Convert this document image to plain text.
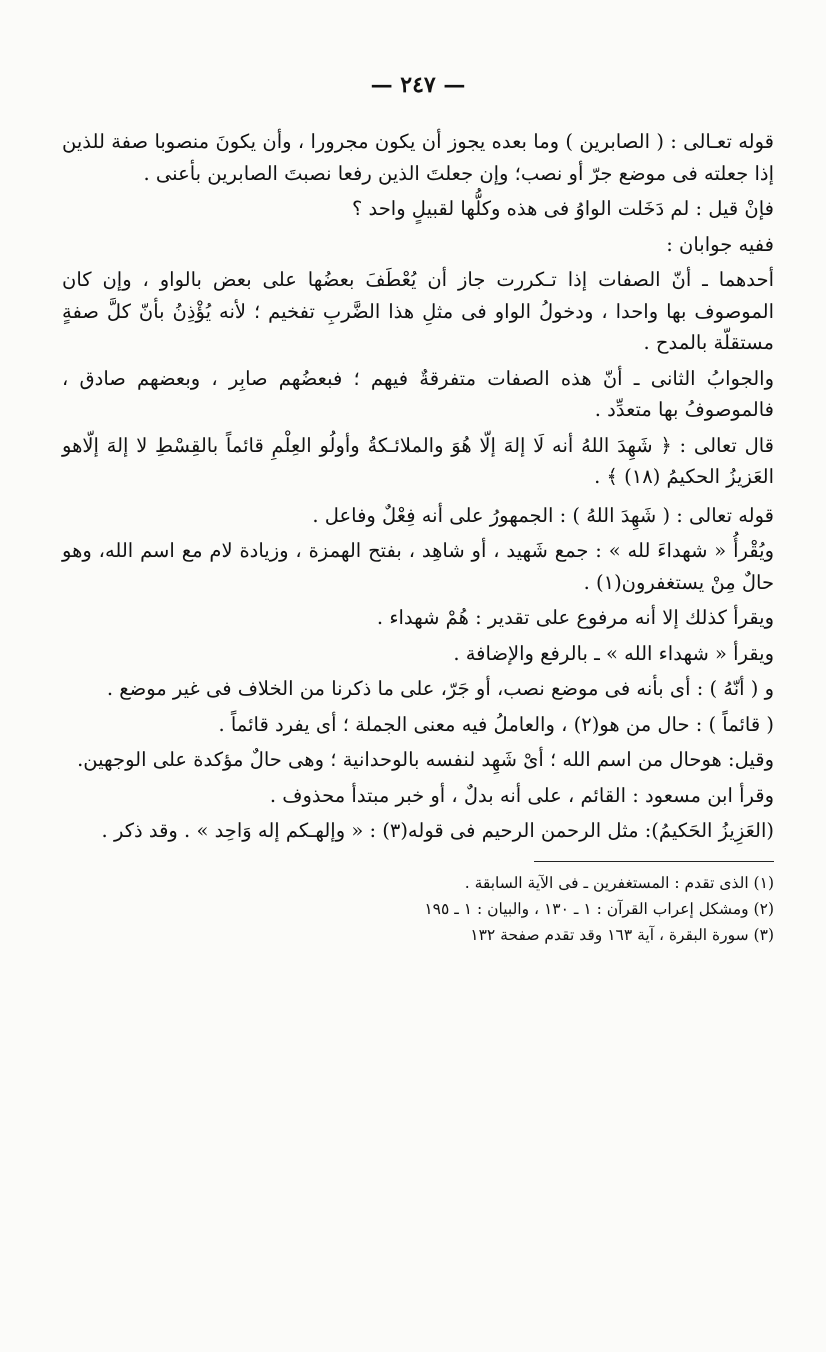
— ٢٤٧ —

قوله تعـالى : ( الصابرين ) وما بعده يجوز أن يكون مجرورا ، وأن يكونَ منصوبا صفة للذين إذا جعلته فى موضع جرّ أو نصب؛ وإن جعلتَ الذين رفعا نصبتَ الصابرين بأعنى .

فإنْ قيل : لم دَخَلت الواوُ فى هذه وكلُّها لقبيلٍ واحد ؟

ففيه جوابان :

أحدهما ـ أنّ الصفات إذا تـكررت جاز أن يُعْطَفَ بعضُها على بعض بالواو ، وإن كان الموصوف بها واحدا ، ودخولُ الواو فى مثلِ هذا الضَّربِ تفخيم ؛ لأنه يُؤْذِنُ بأنّ كلَّ صفةٍ مستقلّة بالمدح .

والجوابُ الثانى ـ أنّ هذه الصفات متفرقةٌ فيهم ؛ فبعضُهم صابِر ، وبعضهم صادق ، فالموصوفُ بها متعدِّد .

قال تعالى : ﴿ شَهِدَ اللهُ أنه لَا إلهَ إلّا هُوَ والملائـكةُ وأولُو العِلْمِ قائماً بالقِسْطِ لا إلهَ إلّاهو العَزيزُ الحكيمُ (١٨) ﴾ .

قوله تعالى : ( شَهِدَ اللهُ ) : الجمهورُ على أنه فِعْلٌ وفاعل .

ويُقْرأُ « شهداءَ لله » : جمع شَهيد ، أو شاهِد ، بفتح الهمزة ، وزيادة لام مع اسم الله، وهو حالٌ مِنْ يستغفرون(١) .

ويقرأ كذلك إلا أنه مرفوع على تقدير : هُمْ شهداء .

ويقرأ « شهداء الله » ـ بالرفع والإضافة .

و ( أنّهُ ) : أى بأنه فى موضع نصب، أو جَرّ، على ما ذكرنا من الخلاف فى غير موضع .

( قائماً ) : حال من هو(٢) ، والعاملُ فيه معنى الجملة ؛ أى يفرد قائماً .

وقيل: هوحال من اسم الله ؛ أىْ شَهِد لنفسه بالوحدانية ؛ وهى حالٌ مؤكدة على الوجهين.

وقرأ ابن مسعود : القائم ، على أنه بدلٌ ، أو خبر مبتدأ محذوف .

(العَزِيزُ الحَكيمُ): مثل الرحمن الرحيم فى قوله(٣) : « وإلهـكم إله وَاحِد » . وقد ذكر .

(١) الذى تقدم : المستغفرين ـ فى الآية السابقة .

(٢) ومشكل إعراب القرآن : ١ ـ ١٣٠ ، والبيان : ١ ـ ١٩٥

(٣) سورة البقرة ، آية ١٦٣ وقد تقدم صفحة ١٣٢
